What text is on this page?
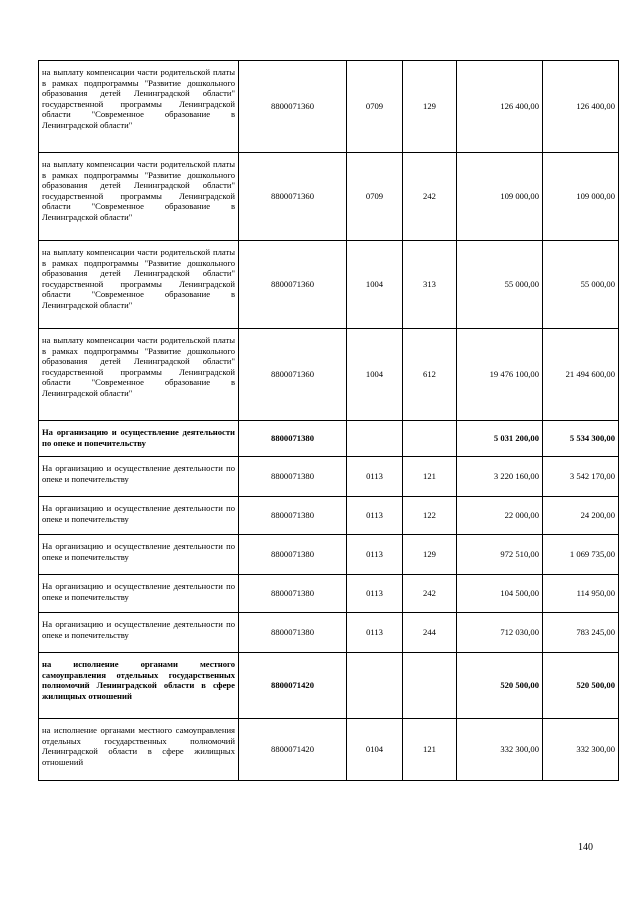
на выплату компенсации части родительской платы в рамках подпрограммы "Развитие дошкольного образования детей Ленинградской области" государственной программы Ленинградской области "Современное образование в Ленинградской области"	8800071360	0709	129	126 400,00	126 400,00
на выплату компенсации части родительской платы в рамках подпрограммы "Развитие дошкольного образования детей Ленинградской области" государственной программы Ленинградской области "Современное образование в Ленинградской области"	8800071360	0709	242	109 000,00	109 000,00
на выплату компенсации части родительской платы в рамках подпрограммы "Развитие дошкольного образования детей Ленинградской области" государственной программы Ленинградской области "Современное образование в Ленинградской области"	8800071360	1004	313	55 000,00	55 000,00
на выплату компенсации части родительской платы в рамках подпрограммы "Развитие дошкольного образования детей Ленинградской области" государственной программы Ленинградской области "Современное образование в Ленинградской области"	8800071360	1004	612	19 476 100,00	21 494 600,00
На организацию и осуществление деятельности по опеке и попечительству	8800071380			5 031 200,00	5 534 300,00
На организацию и осуществление деятельности по опеке и попечительству	8800071380	0113	121	3 220 160,00	3 542 170,00
На организацию и осуществление деятельности по опеке и попечительству	8800071380	0113	122	22 000,00	24 200,00
На организацию и осуществление деятельности по опеке и попечительству	8800071380	0113	129	972 510,00	1 069 735,00
На организацию и осуществление деятельности по опеке и попечительству	8800071380	0113	242	104 500,00	114 950,00
На организацию и осуществление деятельности по опеке и попечительству	8800071380	0113	244	712 030,00	783 245,00
на исполнение органами местного самоуправления отдельных государственных полномочий Ленинградской области в сфере жилищных отношений	8800071420			520 500,00	520 500,00
на исполнение органами местного самоуправления отдельных государственных полномочий Ленинградской области в сфере жилищных отношений	8800071420	0104	121	332 300,00	332 300,00
140
